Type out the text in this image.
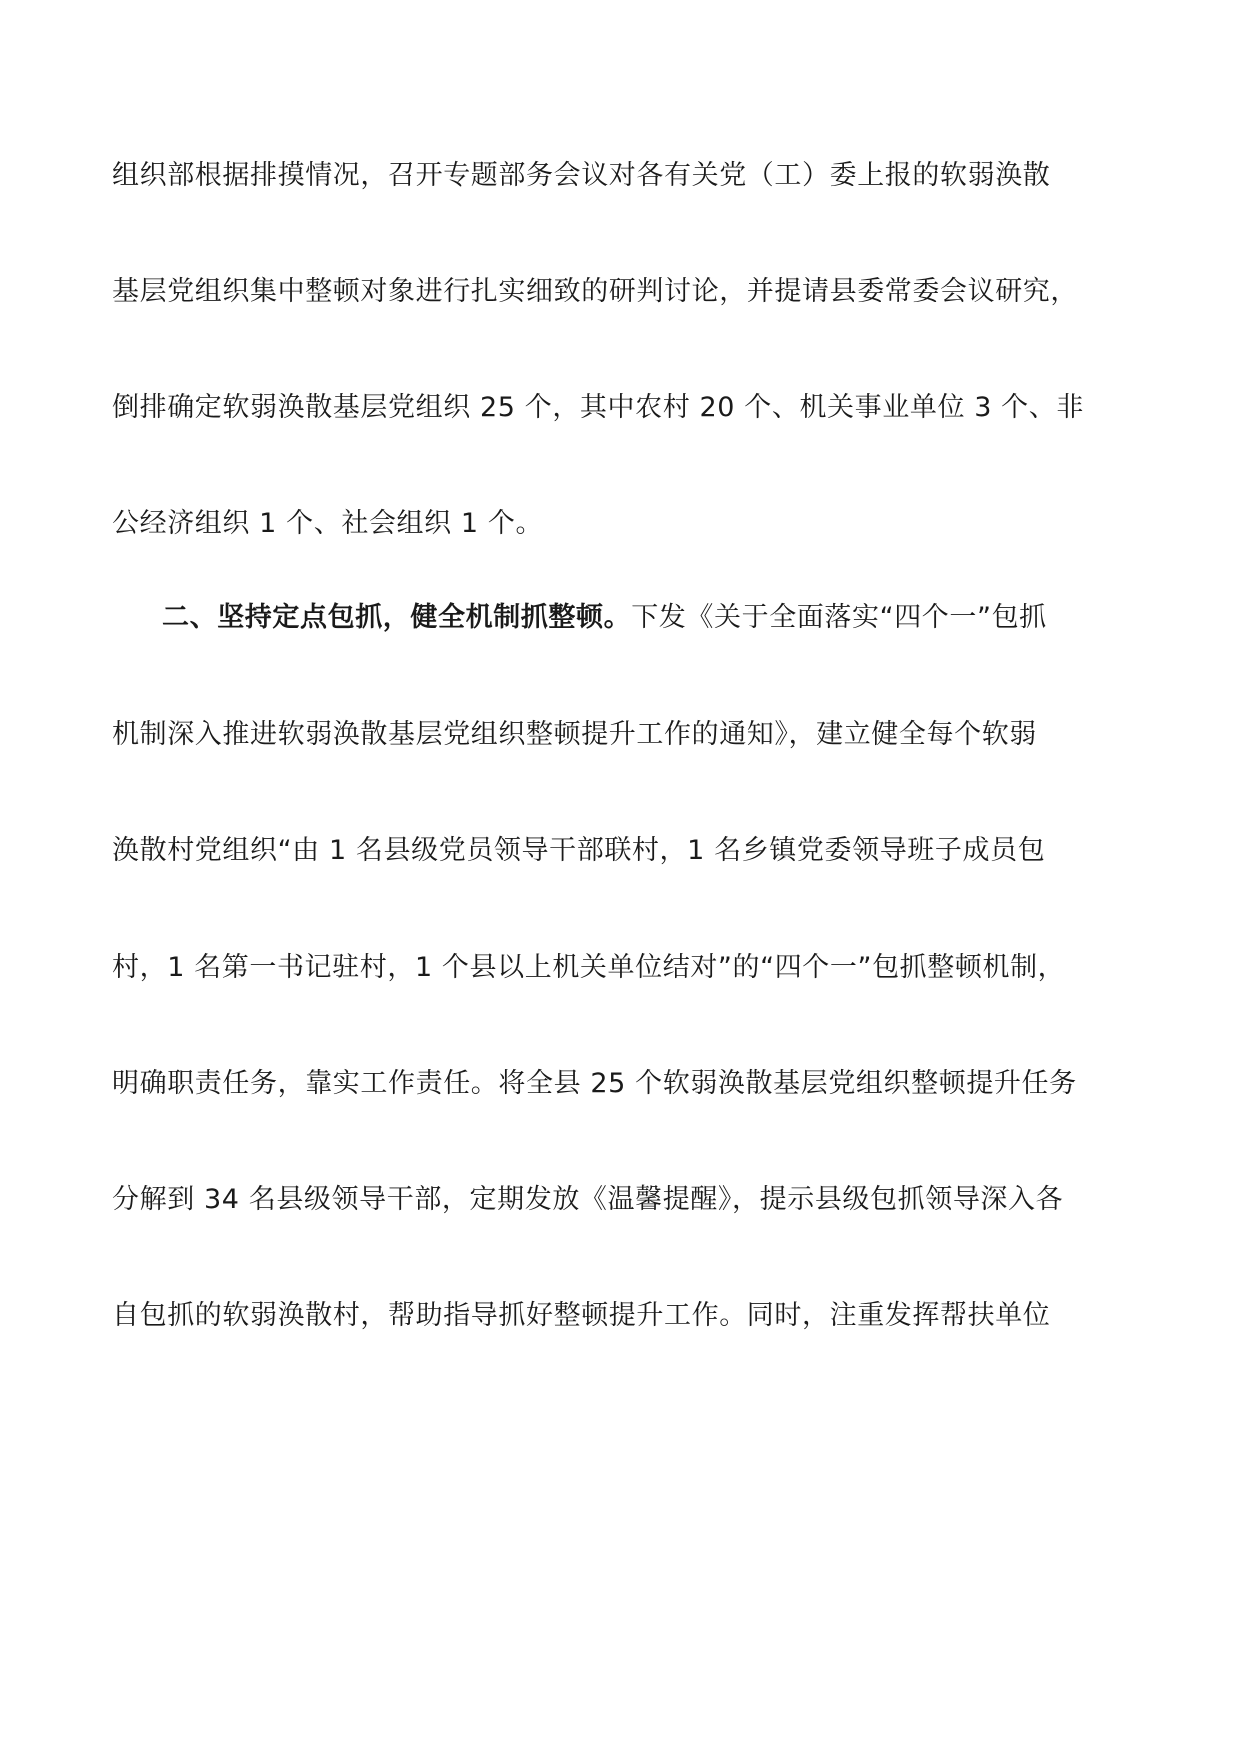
组织部根据排摸情况，召开专题部务会议对各有关党（工）委上报的软弱涣散
基层党组织集中整顿对象进行扎实细致的研判讨论，并提请县委常委会议研究，
倒排确定软弱涣散基层党组织 25 个，其中农村 20 个、机关事业单位 3 个、非
公经济组织 1 个、社会组织 1 个。
二、坚持定点包抓，健全机制抓整顿。下发《关于全面落实“四个一”包抓
机制深入推进软弱涣散基层党组织整顿提升工作的通知》，建立健全每个软弱
涣散村党组织“由 1 名县级党员领导干部联村，1 名乡镇党委领导班子成员包
村，1 名第一书记驻村，1 个县以上机关单位结对”的“四个一”包抓整顿机制，
明确职责任务，靠实工作责任。将全县 25 个软弱涣散基层党组织整顿提升任务
分解到 34 名县级领导干部，定期发放《温馨提醒》，提示县级包抓领导深入各
自包抓的软弱涣散村，帮助指导抓好整顿提升工作。同时，注重发挥帮扶单位
